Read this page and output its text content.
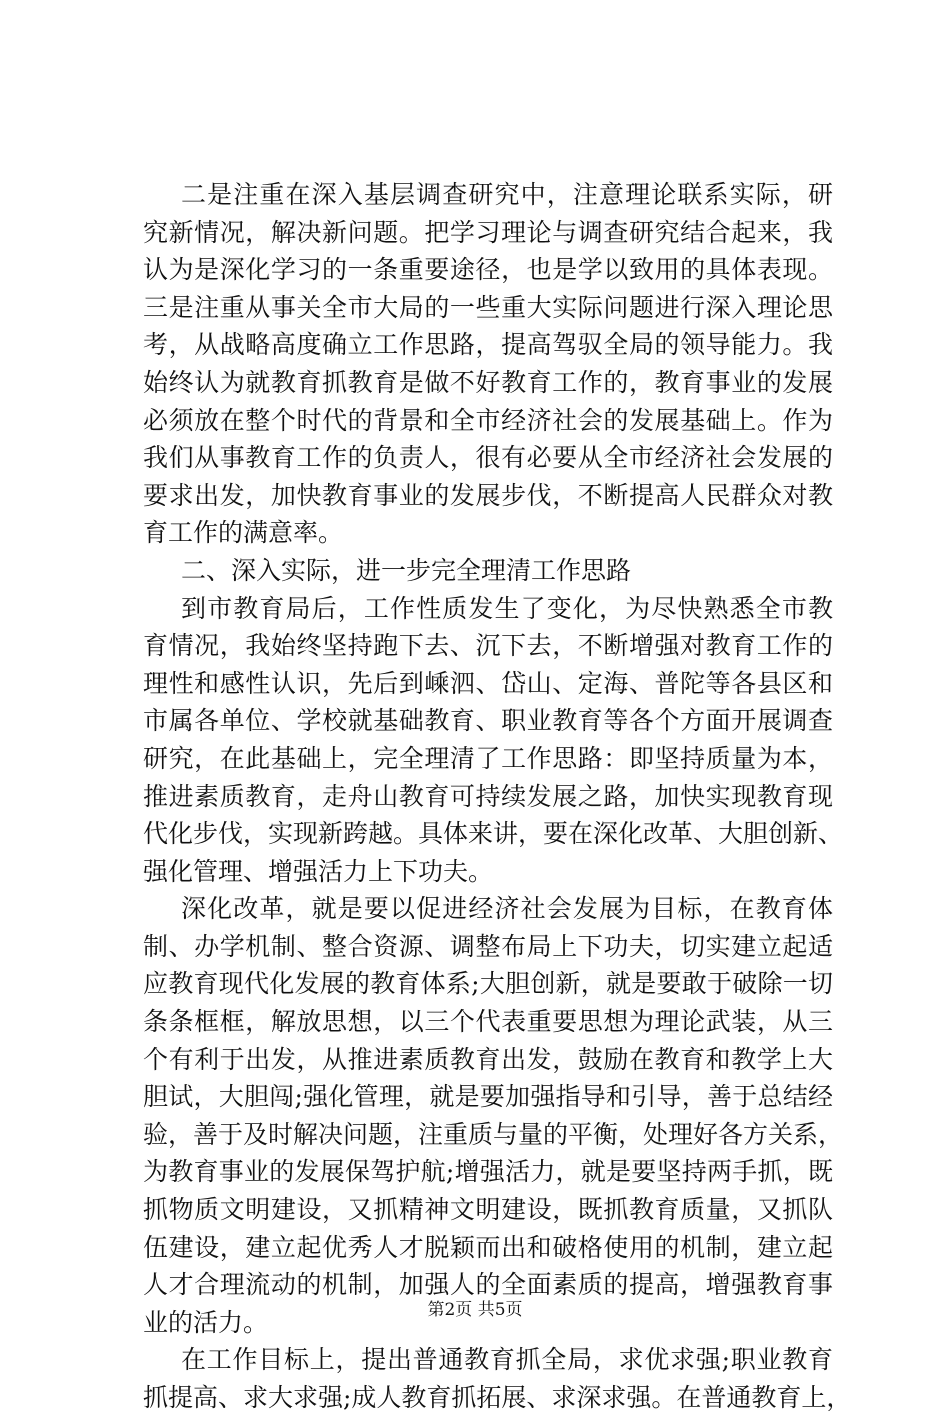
二是注重在深入基层调查研究中，注意理论联系实际，研
究新情况，解决新问题。把学习理论与调查研究结合起来，我
认为是深化学习的一条重要途径，也是学以致用的具体表现。
三是注重从事关全市大局的一些重大实际问题进行深入理论思
考，从战略高度确立工作思路，提高驾驭全局的领导能力。我
始终认为就教育抓教育是做不好教育工作的，教育事业的发展
必须放在整个时代的背景和全市经济社会的发展基础上。作为
我们从事教育工作的负责人，很有必要从全市经济社会发展的
要求出发，加快教育事业的发展步伐，不断提高人民群众对教
育工作的满意率。
二、深入实际，进一步完全理清工作思路
到市教育局后，工作性质发生了变化，为尽快熟悉全市教
育情况，我始终坚持跑下去、沉下去，不断增强对教育工作的
理性和感性认识，先后到嵊泗、岱山、定海、普陀等各县区和
市属各单位、学校就基础教育、职业教育等各个方面开展调查
研究，在此基础上，完全理清了工作思路：即坚持质量为本，
推进素质教育，走舟山教育可持续发展之路，加快实现教育现
代化步伐，实现新跨越。具体来讲，要在深化改革、大胆创新、
强化管理、增强活力上下功夫。
深化改革，就是要以促进经济社会发展为目标，在教育体
制、办学机制、整合资源、调整布局上下功夫，切实建立起适
应教育现代化发展的教育体系;大胆创新，就是要敢于破除一切
条条框框，解放思想，以三个代表重要思想为理论武装，从三
个有利于出发，从推进素质教育出发，鼓励在教育和教学上大
胆试，大胆闯;强化管理，就是要加强指导和引导，善于总结经
验，善于及时解决问题，注重质与量的平衡，处理好各方关系，
为教育事业的发展保驾护航;增强活力，就是要坚持两手抓，既
抓物质文明建设，又抓精神文明建设，既抓教育质量，又抓队
伍建设，建立起优秀人才脱颖而出和破格使用的机制，建立起
人才合理流动的机制，加强人的全面素质的提高，增强教育事
业的活力。
在工作目标上，提出普通教育抓全局，求优求强;职业教育
抓提高、求大求强;成人教育抓拓展、求深求强。在普通教育上，
第2页 共5页
